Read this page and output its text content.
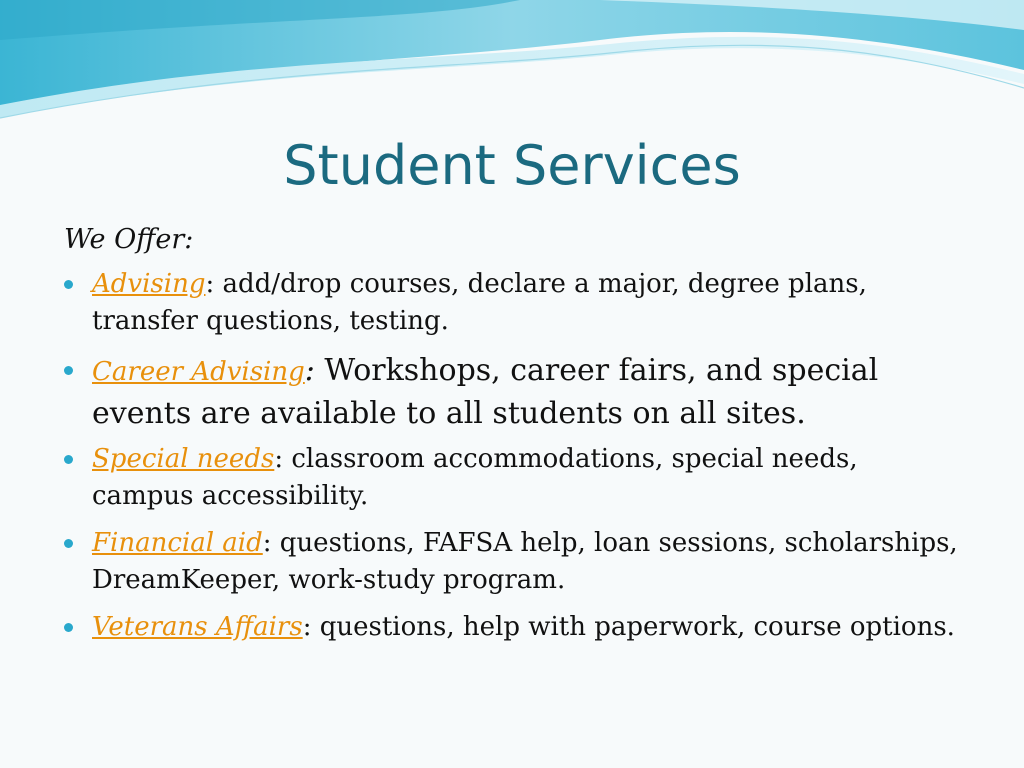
Student Services
We Offer:
Advising: add/drop courses, declare a major, degree plans, transfer questions, testing.
Career Advising: Workshops, career fairs, and special events are available to all students on all sites.
Special needs: classroom accommodations, special needs, campus accessibility.
Financial aid: questions, FAFSA help, loan sessions, scholarships, DreamKeeper, work-study program.
Veterans Affairs: questions, help with paperwork, course options.
